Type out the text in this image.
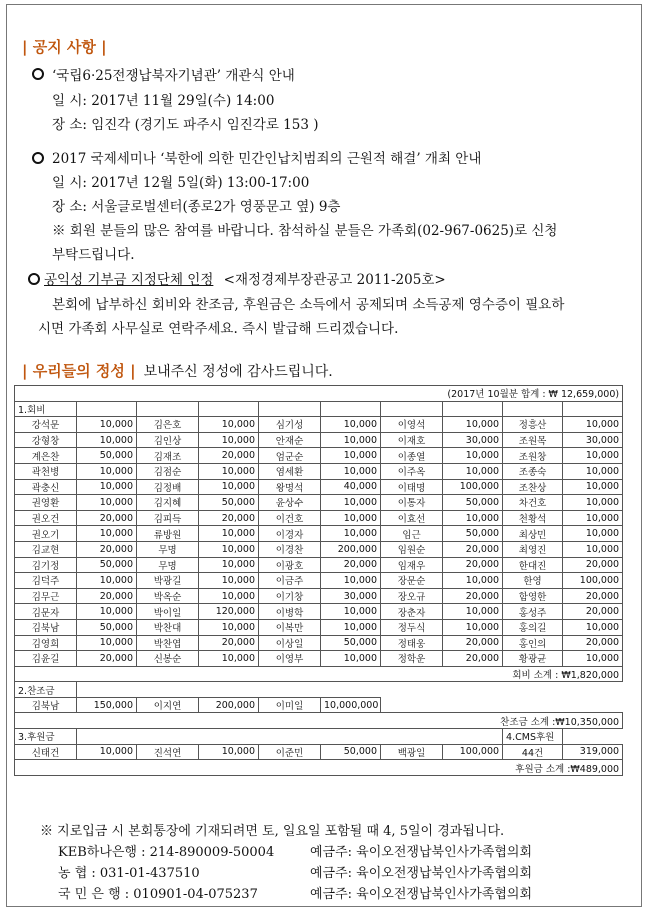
| 공지 사항 |
‘국립6·25전쟁납북자기념관’ 개관식 안내
일 시: 2017년 11월 29일(수) 14:00
장 소: 임진각 (경기도 파주시 임진각로 153 )
2017 국제세미나 ‘북한에 의한 민간인납치범죄의 근원적 해결’ 개최 안내
일 시: 2017년 12월 5일(화) 13:00-17:00
장 소: 서울글로벌센터(종로2가 영풍문고 옆) 9층
※ 회원 분들의 많은 참여를 바랍니다. 참석하실 분들은 가족회(02-967-0625)로 신청
부탁드립니다.
공익성 기부금 지정단체 인정 <재정경제부장관공고 2011-205호>
본회에 납부하신 회비와 찬조금, 후원금은 소득에서 공제되며 소득공제 영수증이 필요하
시면 가족회 사무실로 연락주세요. 즉시 발급해 드리겠습니다.
| 우리들의 정성 | 보내주신 정성에 감사드립니다.
							(2017년 10월분 합계 : ₩ 12,659,000)		
1.회비									
강석문	10,000	김은호	10,000	심기성	10,000	이영석	10,000	정흥산	10,000
강형창	10,000	김인상	10,000	안재순	10,000	이재호	30,000	조원목	30,000
계은찬	50,000	김재조	20,000	엄군순	10,000	이종열	10,000	조원창	10,000
곽천병	10,000	김점순	10,000	염세환	10,000	이주옥	10,000	조종숙	10,000
곽충신	10,000	김정배	10,000	왕명석	40,000	이태명	100,000	조찬상	10,000
권영환	10,000	김지혜	50,000	윤상수	10,000	이통자	50,000	차건호	10,000
권오건	20,000	김피득	20,000	이건호	10,000	이효선	10,000	천황석	10,000
권오기	10,000	류방원	10,000	이경자	10,000	임근	50,000	최상민	10,000
김교현	20,000	무명	10,000	이경찬	200,000	임원순	20,000	최영진	10,000
김기정	50,000	무명	10,000	이광호	20,000	임재우	20,000	한대진	20,000
김덕주	10,000	박광길	10,000	이금주	10,000	장문순	10,000	한영	100,000
김무근	20,000	박옥순	10,000	이기창	30,000	장오규	20,000	함영한	20,000
김문자	10,000	박이일	120,000	이병학	10,000	장춘자	10,000	홍성주	20,000
김북남	50,000	박찬대	10,000	이복만	10,000	정두식	10,000	홍의길	10,000
김영희	10,000	박찬엽	20,000	이상일	50,000	정태웅	20,000	홍인의	20,000
김윤길	20,000	신봉순	10,000	이영부	10,000	정학운	20,000	황광균	10,000
회비 소계 : ₩1,820,000									
2.찬조금									
김북남	150,000	이지연	200,000	이미일	10,000,000				
찬조금 소계 :₩10,350,000									
3.후원금								4.CMS후원	
신태건	10,000	진석연	10,000	이준민	50,000	백광일	100,000	44건	319,000
후원금 소계 :₩489,000									
※ 지로입금 시 본회통장에 기재되려면 토, 일요일 포함될 때 4, 5일이 경과됩니다.
KEB하나은행 : 214-890009-50004	예금주: 육이오전쟁납북인사가족협의회
농 협 : 031-01-437510	예금주: 육이오전쟁납북인사가족협의회
국 민 은 행 : 010901-04-075237	예금주: 육이오전쟁납북인사가족협의회
